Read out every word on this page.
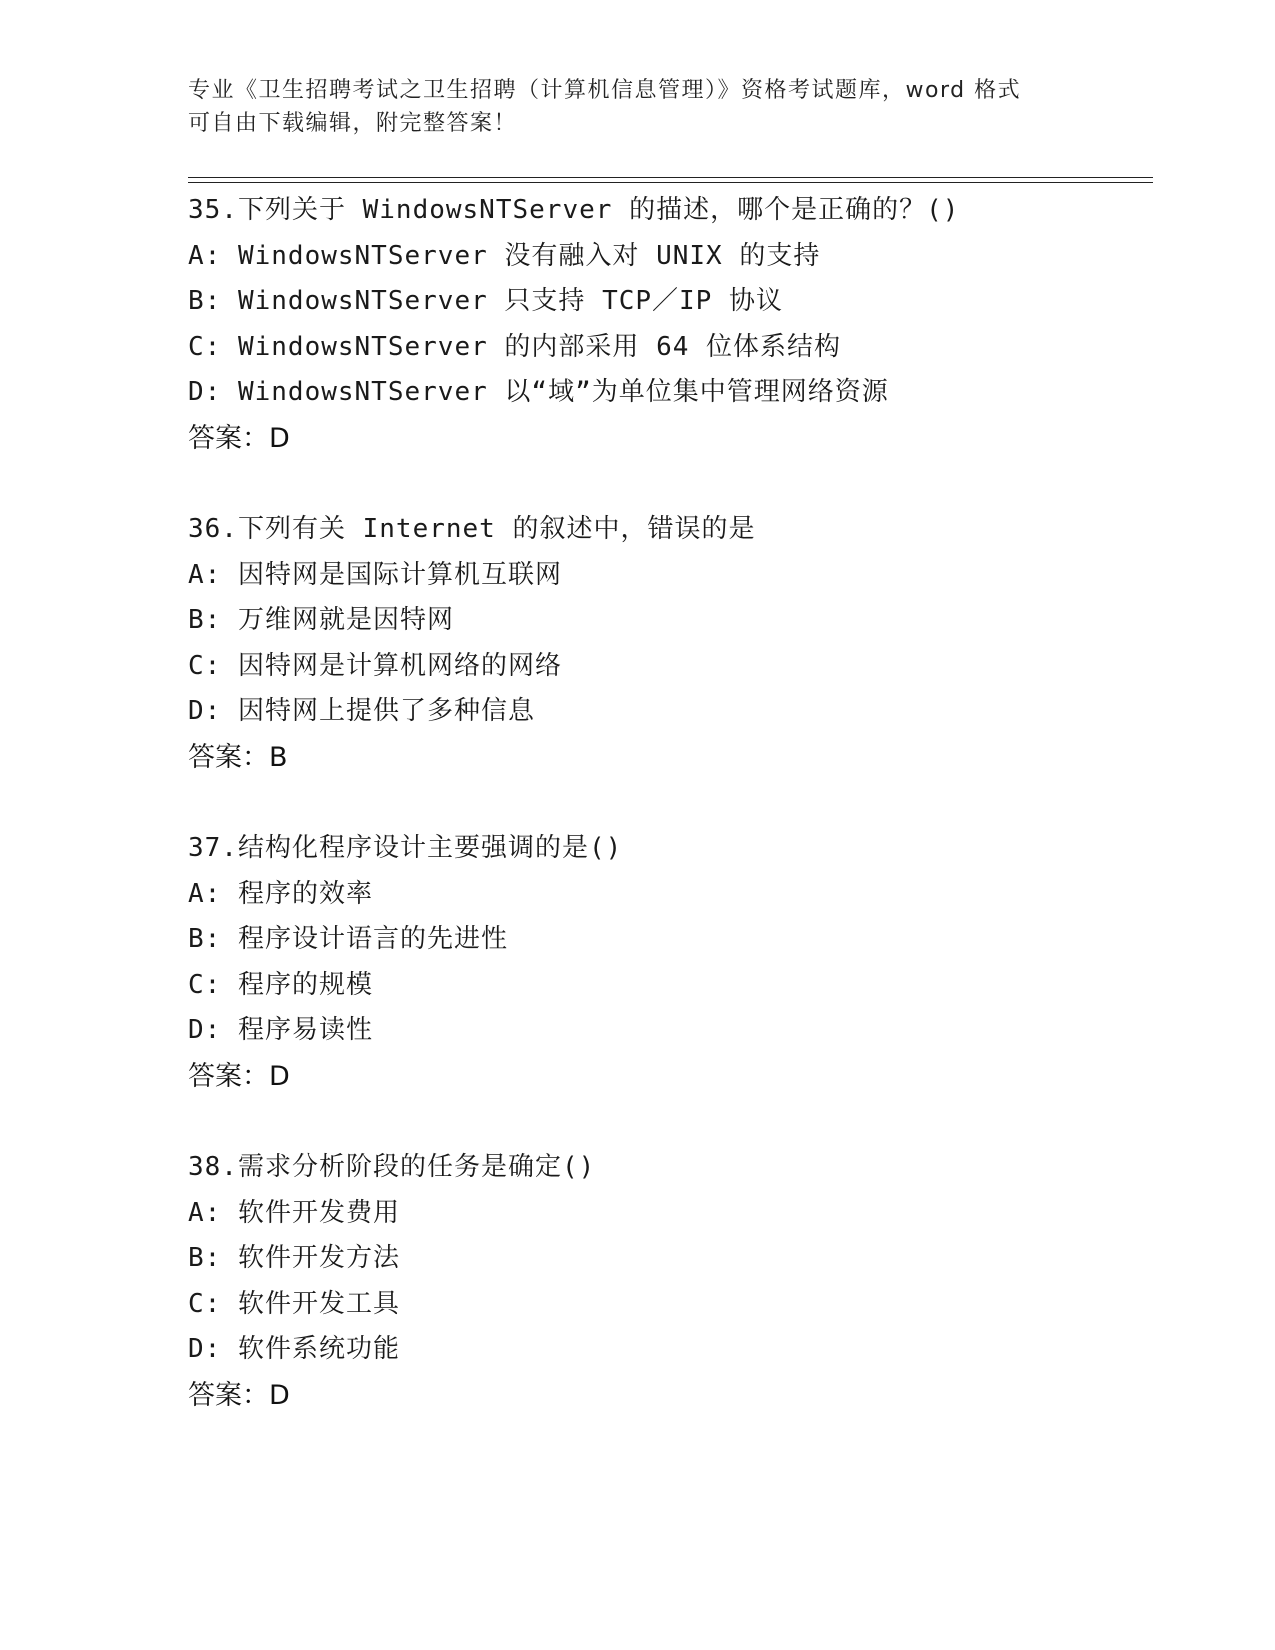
专业《卫生招聘考试之卫生招聘（计算机信息管理）》资格考试题库，word 格式

可自由下载编辑，附完整答案！

35.下列关于 WindowsNTServer 的描述，哪个是正确的？()
A: WindowsNTServer 没有融入对 UNIX 的支持
B: WindowsNTServer 只支持 TCP／IP 协议
C: WindowsNTServer 的内部采用 64 位体系结构
D: WindowsNTServer 以“域”为单位集中管理网络资源
答案：D
36.下列有关 Internet 的叙述中，错误的是
A: 因特网是国际计算机互联网
B: 万维网就是因特网
C: 因特网是计算机网络的网络
D: 因特网上提供了多种信息
答案：B
37.结构化程序设计主要强调的是()
A: 程序的效率
B: 程序设计语言的先进性
C: 程序的规模
D: 程序易读性
答案：D
38.需求分析阶段的任务是确定()
A: 软件开发费用
B: 软件开发方法
C: 软件开发工具
D: 软件系统功能
答案：D
